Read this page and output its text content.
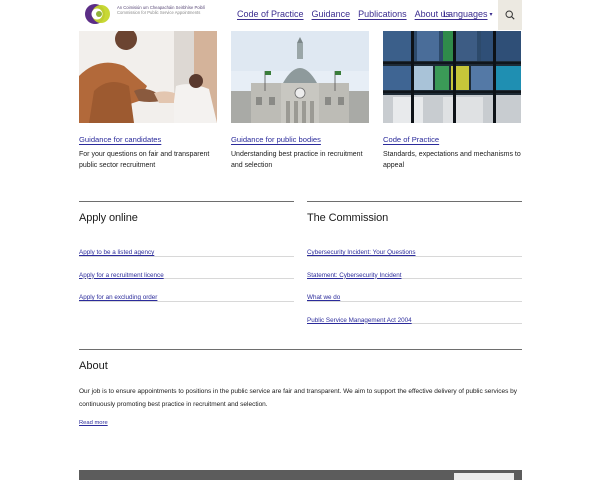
An Coimisiún um Cheapacháin Seirbhíse Poiblí
Commission for Public Service Appointments	Code of Practice Guidance Publications About us
Languages ▾
Guidance for candidates
For your questions on fair and transparent public sector recruitment
Guidance for public bodies
Understanding best practice in recruitment and selection
Code of Practice
Standards, expectations and mechanisms to appeal
Apply online
Apply to be a listed agency
Apply for a recruitment licence
Apply for an excluding order
The Commission
Cybersecurity Incident: Your Questions
Statement: Cybersecurity Incident
What we do
Public Service Management Act 2004
About

Our job is to ensure appointments to positions in the public service are fair and transparent. We aim to support the effective delivery of public services by continuously promoting best practice in recruitment and selection.

Read more
